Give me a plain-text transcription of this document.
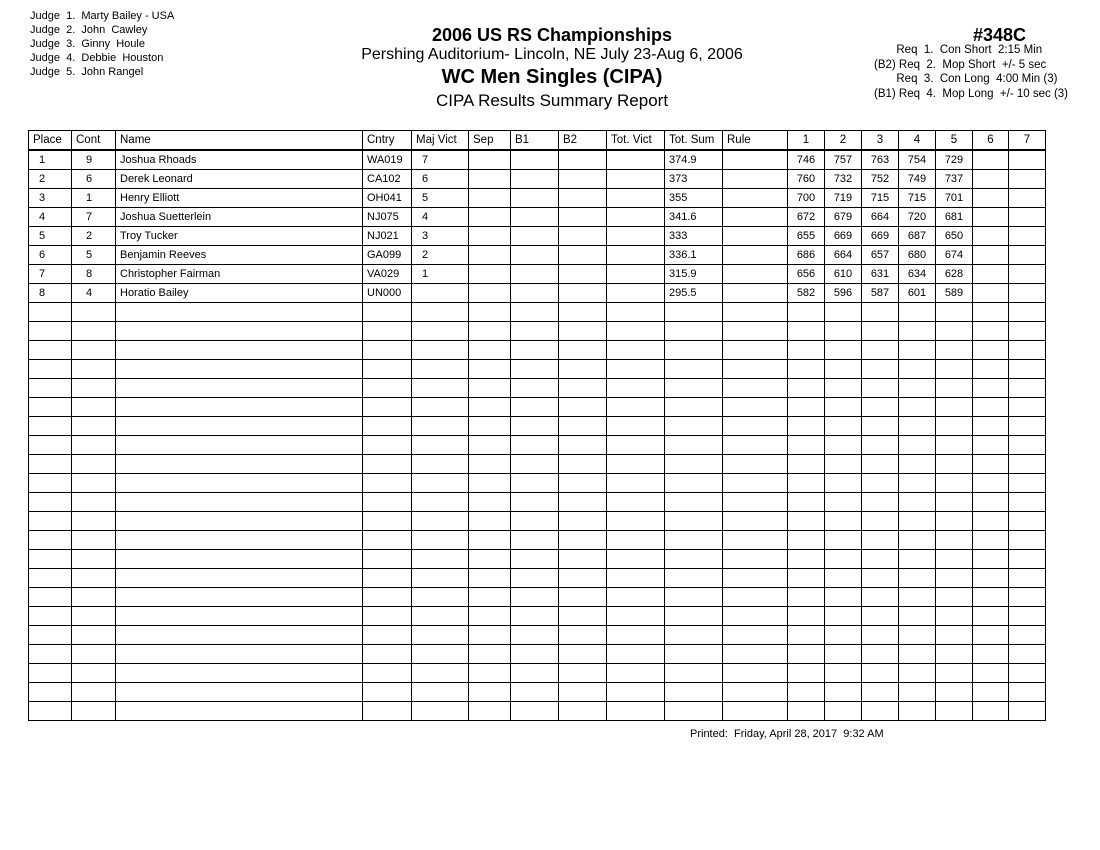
Judge  1.  Marty Bailey - USA
Judge  2.  John  Cawley
Judge  3.  Ginny  Houle
Judge  4.  Debbie  Houston
Judge  5.  John Rangel
2006 US RS Championships
Pershing Auditorium- Lincoln, NE July 23-Aug 6, 2006
WC Men Singles (CIPA)
CIPA Results Summary Report
#348C
Req  1.  Con Short  2:15 Min
(B2) Req  2.  Mop Short  +/- 5 sec
Req  3.  Con Long  4:00 Min (3)
(B1) Req  4.  Mop Long  +/- 10 sec (3)
Place	Cont	Name	Cntry	Maj Vict	Sep	B1	B2	Tot. Vict	Tot. Sum	Rule	1	2	3	4	5	6	7
1	9	Joshua Rhoads	WA019	7					374.9		746	757	763	754	729		
2	6	Derek Leonard	CA102	6					373		760	732	752	749	737		
3	1	Henry Elliott	OH041	5					355		700	719	715	715	701		
4	7	Joshua Suetterlein	NJ075	4					341.6		672	679	664	720	681		
5	2	Troy Tucker	NJ021	3					333		655	669	669	687	650		
6	5	Benjamin Reeves	GA099	2					336.1		686	664	657	680	674		
7	8	Christopher Fairman	VA029	1					315.9		656	610	631	634	628		
8	4	Horatio Bailey	UN000						295.5		582	596	587	601	589		

Printed:  Friday, April 28, 2017  9:32 AM
